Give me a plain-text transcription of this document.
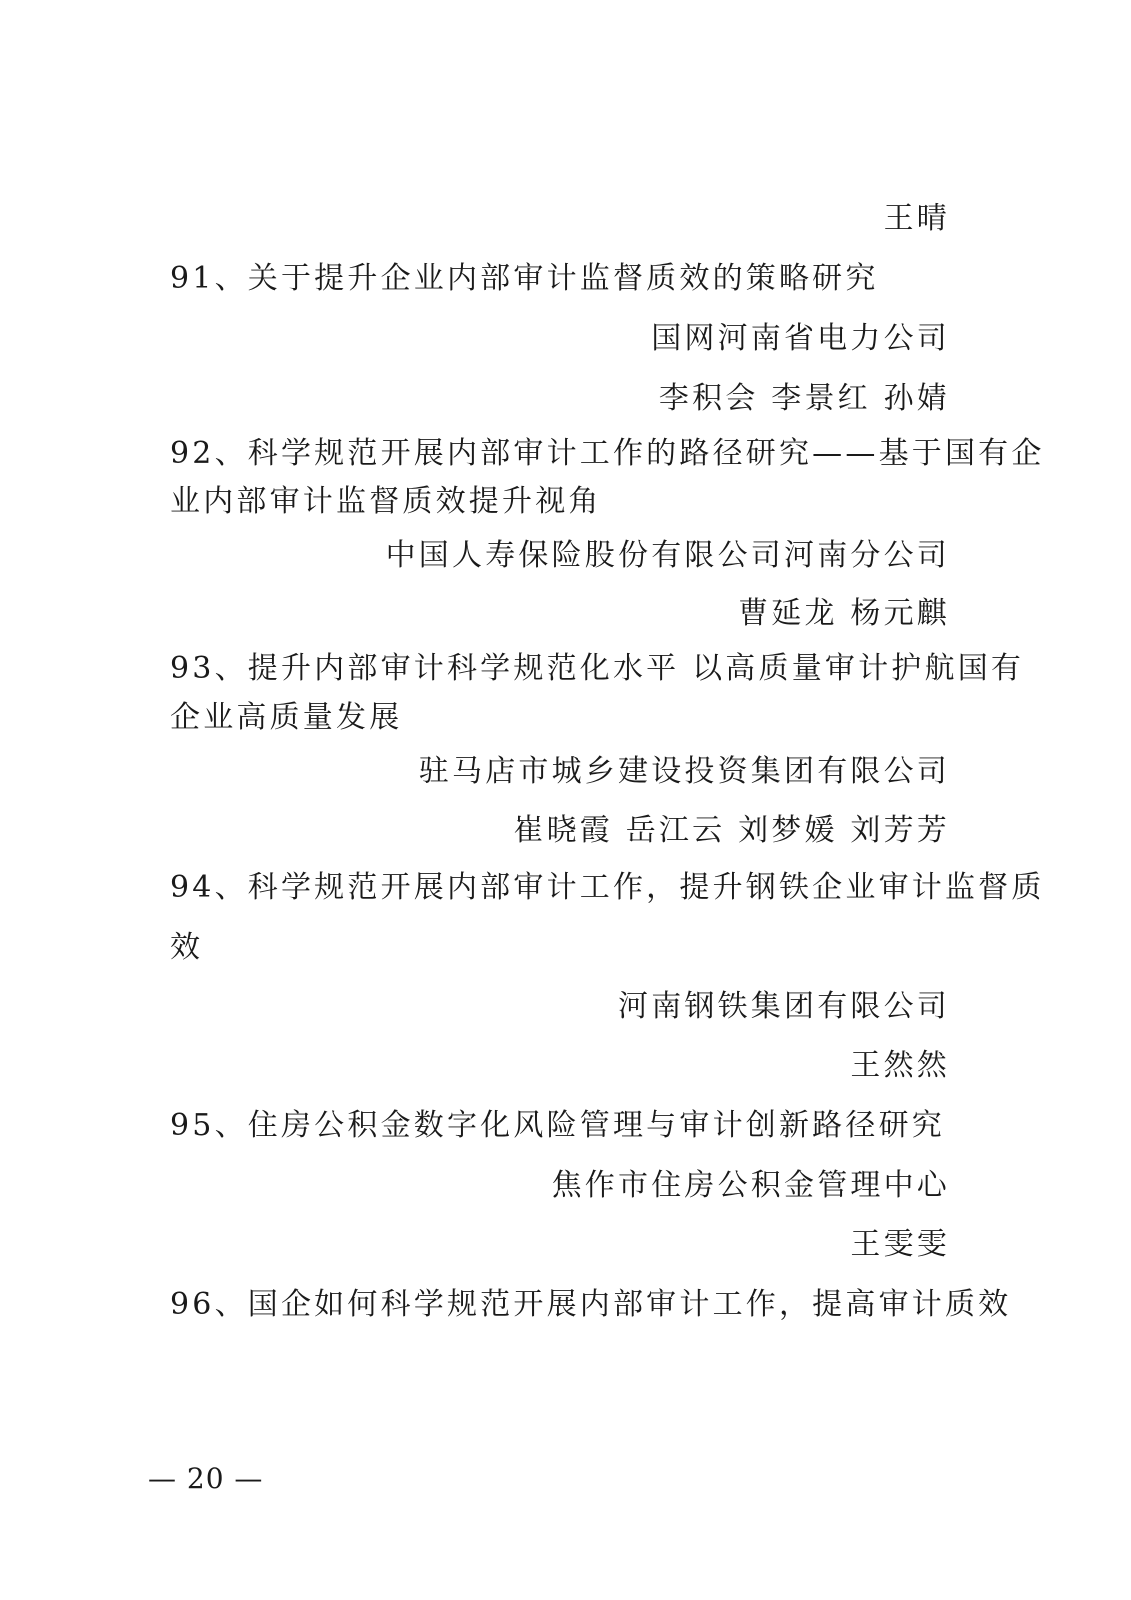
王晴
91、关于提升企业内部审计监督质效的策略研究
国网河南省电力公司
李积会 李景红 孙婧
92、科学规范开展内部审计工作的路径研究——基于国有企
业内部审计监督质效提升视角
中国人寿保险股份有限公司河南分公司
曹延龙 杨元麒
93、提升内部审计科学规范化水平 以高质量审计护航国有
企业高质量发展
驻马店市城乡建设投资集团有限公司
崔晓霞 岳江云 刘梦媛 刘芳芳
94、科学规范开展内部审计工作，提升钢铁企业审计监督质
效
河南钢铁集团有限公司
王然然
95、住房公积金数字化风险管理与审计创新路径研究
焦作市住房公积金管理中心
王雯雯
96、国企如何科学规范开展内部审计工作，提高审计质效
— 20 —
